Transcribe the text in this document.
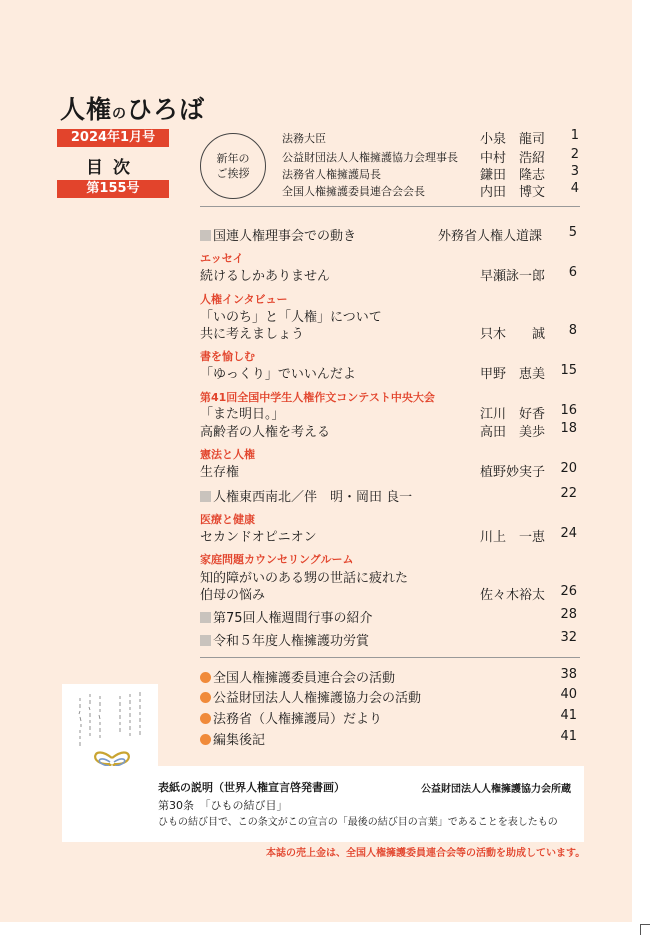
人権のひろば
2024年1月号
目次
第155号
新年の
ご挨拶
法務大臣	小泉　龍司 1
公益財団法人人権擁護協力会理事長 中村　浩紹 2
法務省人権擁護局長	鎌田　隆志 3
全国人権擁護委員連合会会長	内田　博文 4
国連人権理事会での動き	外務省人権人道課 5
エッセイ
続けるしかありません	早瀬詠一郎 6
人権インタビュー
「いのち」と「人権」について
共に考えましょう	只木　　誠 8
書を愉しむ
「ゆっくり」でいいんだよ	甲野　恵美 15
第41回全国中学生人権作文コンテスト中央大会
「また明日。」	江川　好香 16
高齢者の人権を考える	高田　美歩 18
憲法と人権
生存権	植野妙実子 20
人権東西南北／伴　明・岡田 良一	22
医療と健康
セカンドオピニオン	川上　一恵 24
家庭問題カウンセリングルーム
知的障がいのある甥の世話に疲れた
伯母の悩み	佐々木裕太 26
第75回人権週間行事の紹介	28
令和５年度人権擁護功労賞	32
全国人権擁護委員連合会の活動	38
公益財団法人人権擁護協力会の活動	40
法務省（人権擁護局）だより	41
編集後記	41
表紙の説明（世界人権宣言啓発書画）	公益財団法人人権擁護協力会所蔵
第30条　「ひもの結び目」
ひもの結び目で、この条文がこの宣言の「最後の結び目の言葉」であることを表したもの
本誌の売上金は、全国人権擁護委員連合会等の活動を助成しています。
